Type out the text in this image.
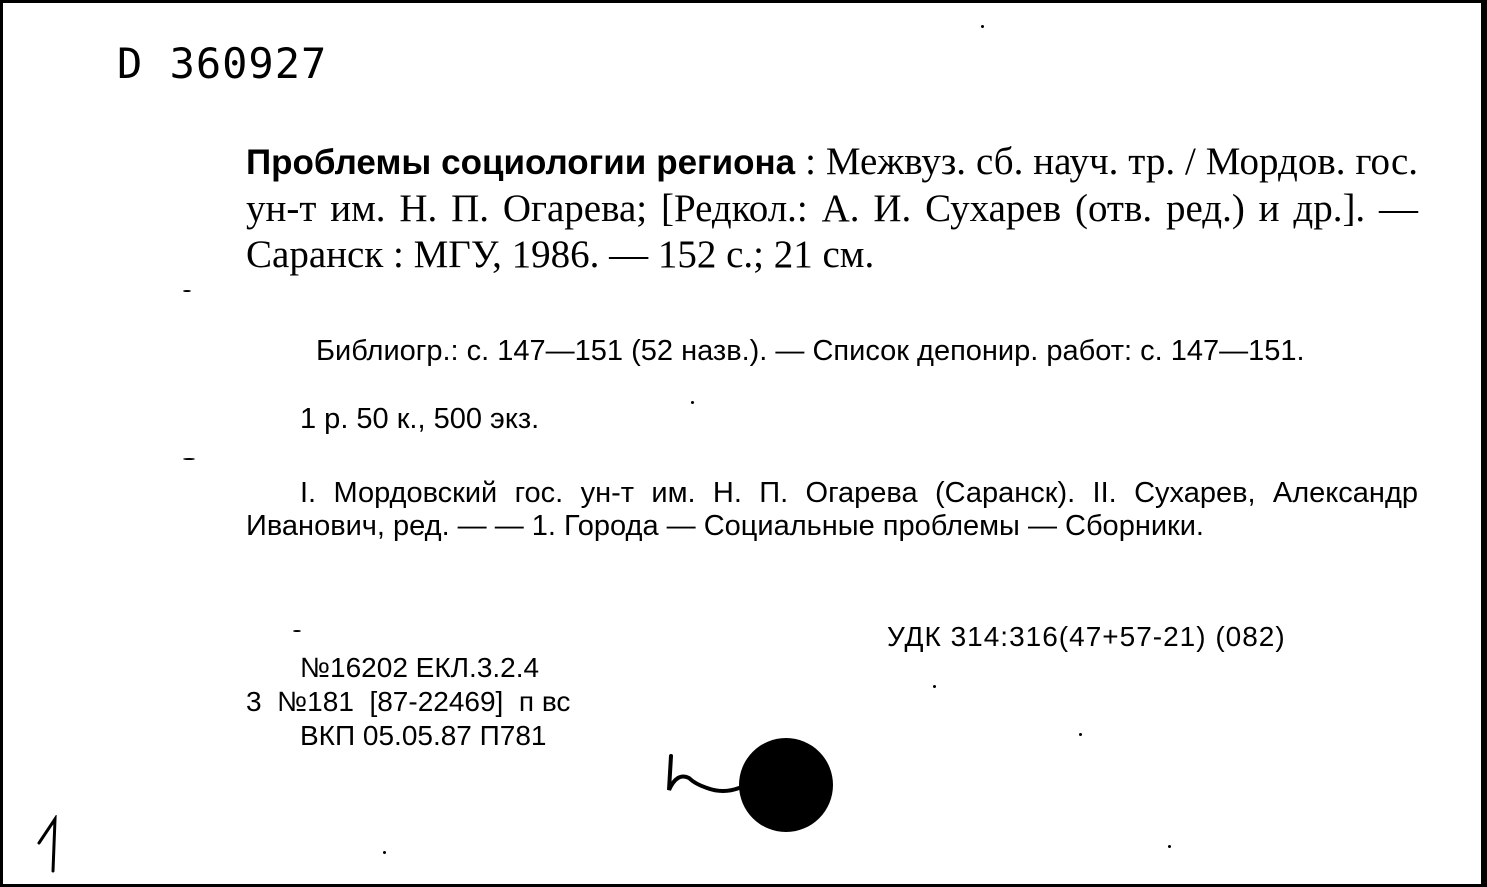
D 360927
Проблемы социологии региона : Межвуз. сб. науч. тр. / Мордов. гос. ун-т им. Н. П. Огарева; [Редкол.: А. И. Сухарев (отв. ред.) и др.]. — Саранск : МГУ, 1986. — 152 с.; 21 см.
Библиогр.: с. 147—151 (52 назв.). — Список депонир. работ: с. 147—151.
1 р. 50 к., 500 экз.
I. Мордовский гос. ун-т им. Н. П. Огарева (Саранск). II. Сухарев, Александр Иванович, ред. — — 1. Города — Социальные проблемы — Сборники.
УДК 314:316(47+57-21) (082)
№16202 ЕКЛ.3.2.4
3  №181  [87-22469]  п вс
ВКП 05.05.87 П781
